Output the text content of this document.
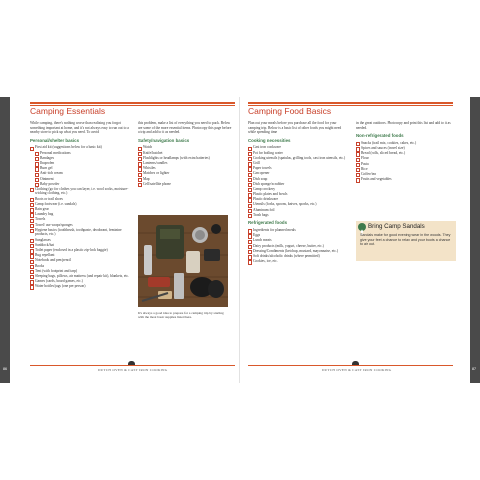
Camping Essentials

While camping, there's nothing worse than realizing you forgot something important at home, and it's not always easy to run out to a nearby store to pick up what you need. To avoid

Personal/shelter basics
First aid kit (suggestions below for a basic kit)
Personal medications
Bandages
Ibuprofen
Burn gel
Anti-itch cream
Ointment
Baby powder
Clothing (go for clothes you can layer, i.e. wool socks, moisture-wicking clothing, etc.)
Boots or trail shoes
Camp footwear (i.e. sandals)
Rain gear
Laundry bag
Towels
Towel/ use wraps/sponges
Hygiene basics (toothbrush, toothpaste, deodorant, feminine products, etc.)
Sunglasses
Sunblock/hat
Toilet paper (enclosed in a plastic zip-lock baggie)
Bug repellant
Notebook and pen/pencil
Books
Tent (with footprint and tarp)
Sleeping bags, pillows, air mattress (and repair kit), blankets, etc.
Games (cards, board games, etc.)
Water bottles/jugs (one per person)

this problem, make a list of everything you need to pack. Below are some of the more essential items. Photocopy this page before a trip and add to it as needed.

Safety/navigation basics
Watch
Knife/hatchet
Flashlights or headlamps (with extra batteries)
Lanterns/candles
Whistles
Matches or lighter
Map
Cell/satellite phone
It's always a good idea to prepare for a camping trip by starting with the most basic supplies listed here.
DUTCH OVEN & CAST IRON COOKING
86
Camping Food Basics

Plan out your meals before you purchase all the food for your camping trip. Below is a basic list of other foods you might need while spending time

Cooking necessities
Cast iron cookware
Pot for boiling water
Cooking utensils (spatulas, grilling tools, cast iron utensils, etc.)
Grill
Paper towels
Can opener
Dish soap
Dish sponge/scrubber
Camp crockery
Plastic plates and bowls
Plastic drinkware
Utensils (forks, spoons, knives, sporks, etc.)
Aluminum foil
Trash bags
Refrigerated foods
Ingredients for planned meals
Eggs
Lunch meats
Dairy products (milk, yogurt, cheese, butter, etc.)
Dressing/Condiments (ketchup, mustard, mayonnaise, etc.)
Soft drinks/alcoholic drinks (where permitted)
Cookies, ice, etc.

in the great outdoors. Photocopy and print this list and add to it as needed.

Non-refrigerated foods
Snacks (trail mix, cookies, cakes, etc.)
Spices and sauces (travel size)
Bread (rolls, sliced bread, etc.)
Flour
Pasta
Rice
Coffee/tea
Fruits and vegetables
Bring Camp Sandals
Sandals make for good evening wear in the woods. They give your feet a chance to relax and your boots a chance to air out.
DUTCH OVEN & CAST IRON COOKING	87
